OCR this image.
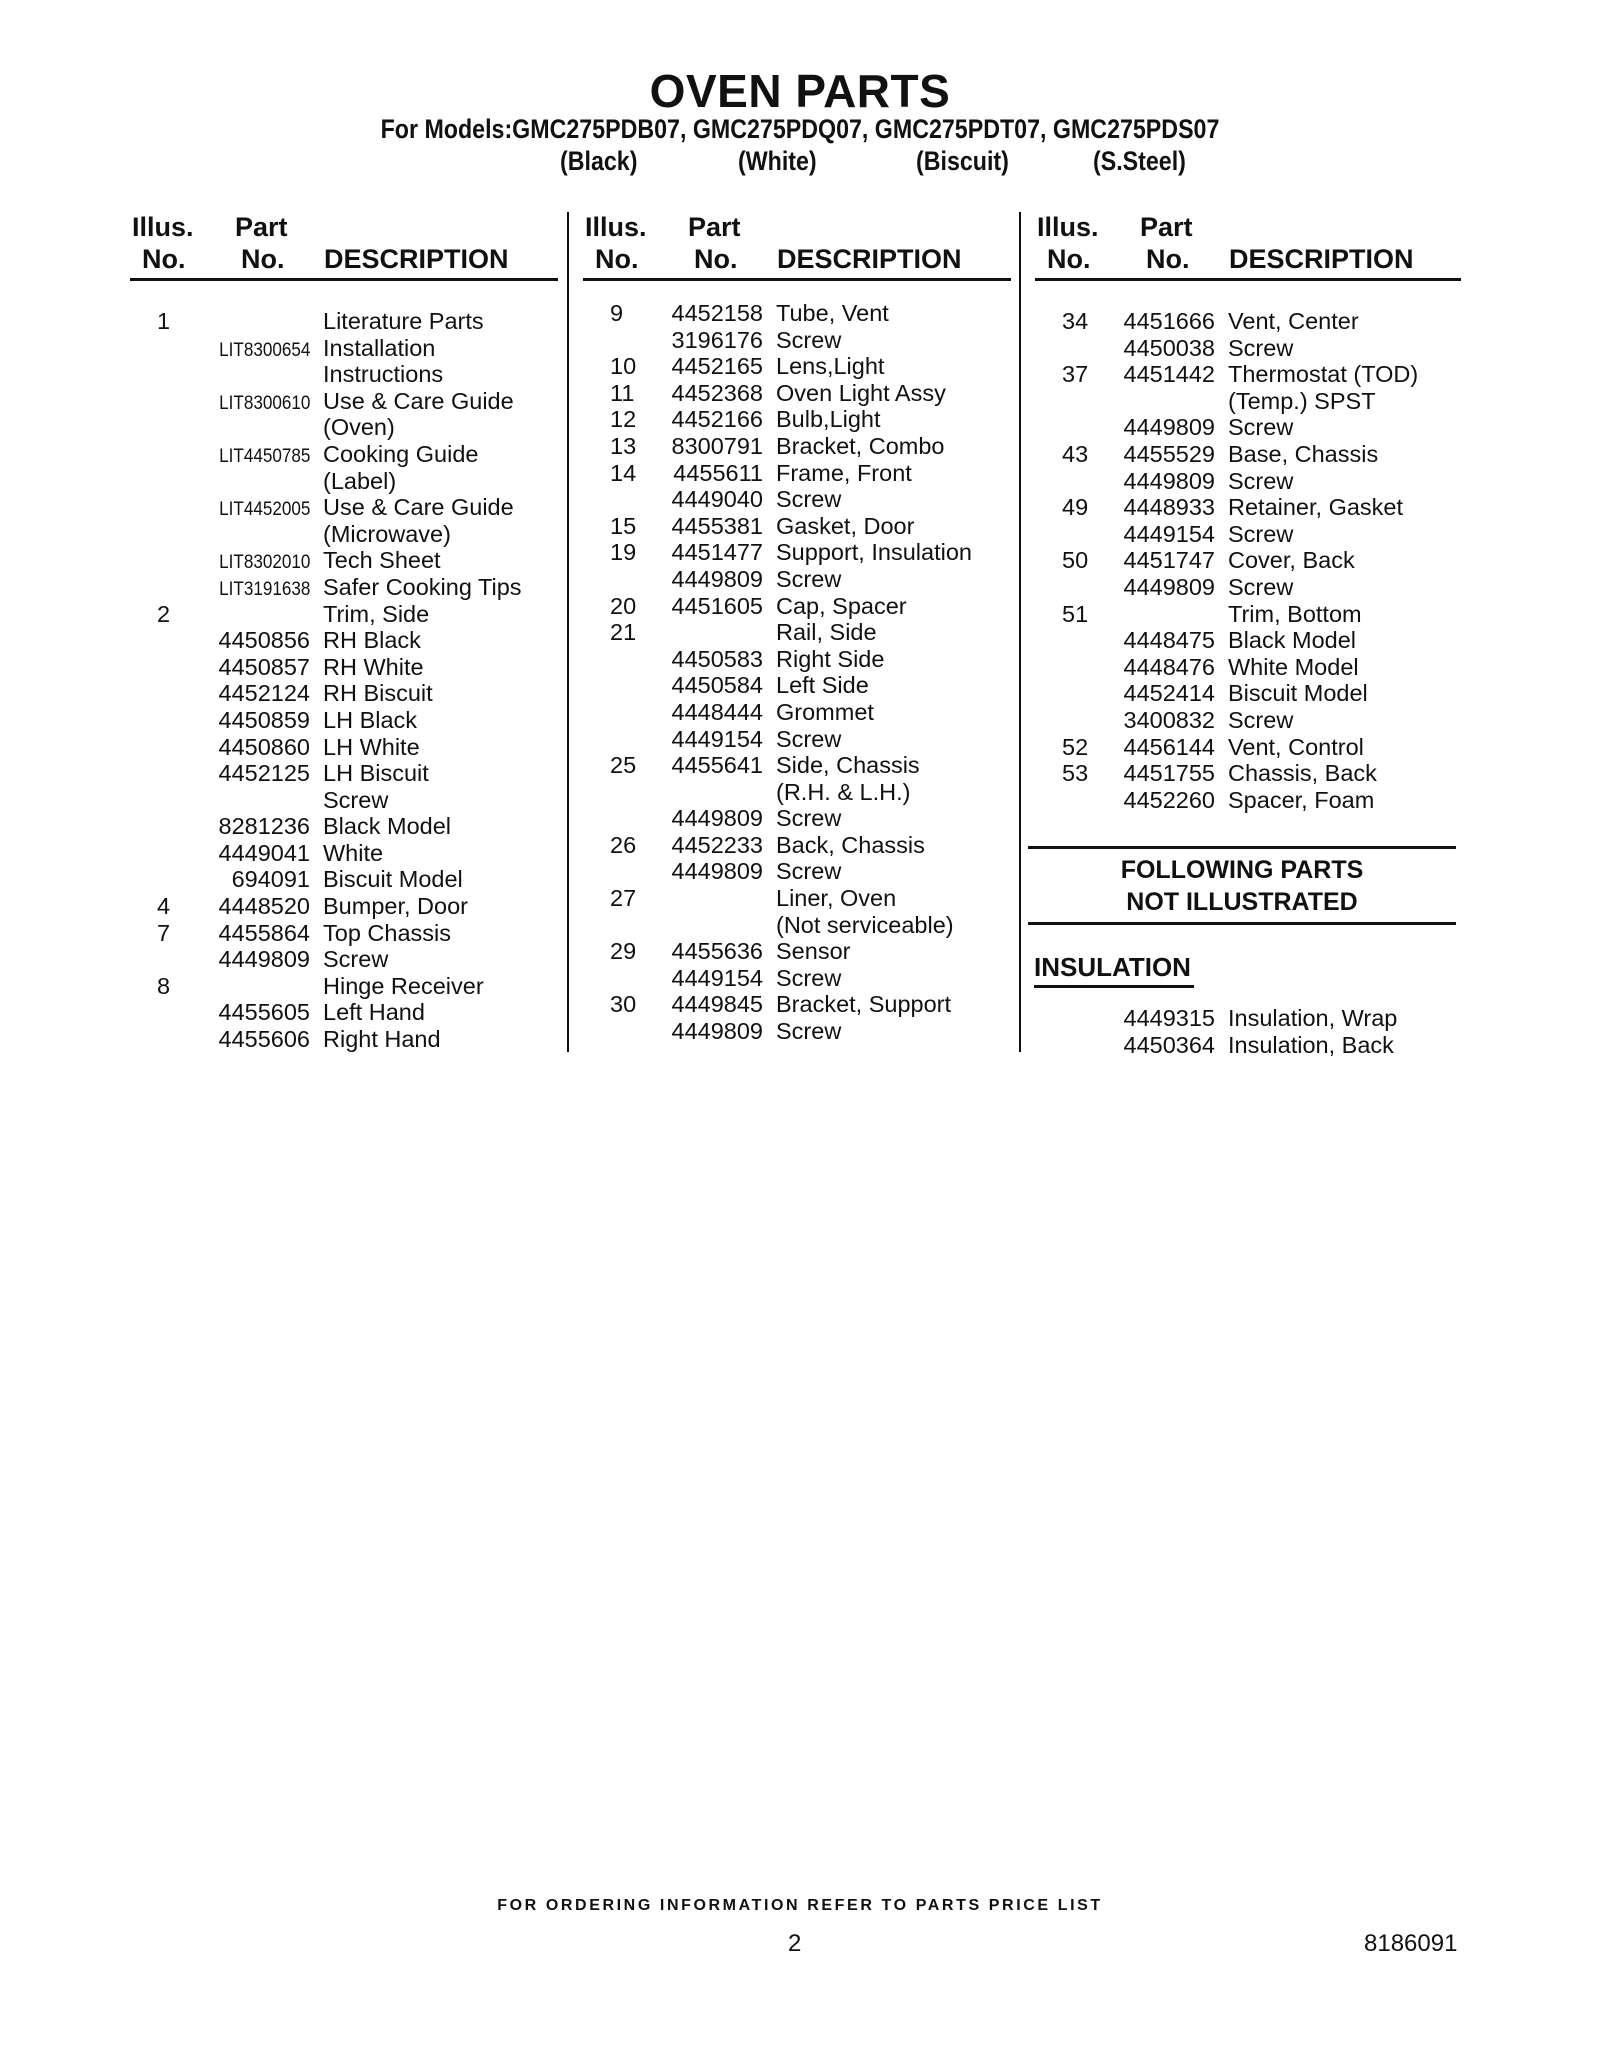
OVEN PARTS
For Models:GMC275PDB07, GMC275PDQ07, GMC275PDT07, GMC275PDS07
(Black)	(White)	(Biscuit)	(S.Steel)
Illus.
No.
Part
No. DESCRIPTION
1	Literature Parts
LIT8300654 Installation
Instructions
LIT8300610 Use & Care Guide
(Oven)
LIT4450785 Cooking Guide
(Label)
LIT4452005 Use & Care Guide
(Microwave)
LIT8302010 Tech Sheet
LIT3191638 Safer Cooking Tips
2	Trim, Side
4450856 RH Black
4450857 RH White
4452124 RH Biscuit
4450859 LH Black
4450860 LH White
4452125 LH Biscuit
Screw
8281236 Black Model
4449041 White
694091 Biscuit Model
4 4448520 Bumper, Door
7 4455864 Top Chassis
4449809 Screw
8	Hinge Receiver
4455605 Left Hand
4455606 Right Hand
Illus.
No.
Part
No. DESCRIPTION
9 4452158 Tube, Vent
3196176 Screw
10 4452165 Lens,Light
11 4452368 Oven Light Assy
12 4452166 Bulb,Light
13 8300791 Bracket, Combo
14 4455611 Frame, Front
4449040 Screw
15 4455381 Gasket, Door
19 4451477 Support, Insulation
4449809 Screw
20 4451605 Cap, Spacer
21	Rail, Side
4450583 Right Side
4450584 Left Side
4448444 Grommet
4449154 Screw
25 4455641 Side, Chassis
(R.H. & L.H.)
4449809 Screw
26 4452233 Back, Chassis
4449809 Screw
27	Liner, Oven
(Not serviceable)
29 4455636 Sensor
4449154 Screw
30 4449845 Bracket, Support
4449809 Screw
Illus.
No.
Part
No. DESCRIPTION
34 4451666 Vent, Center
4450038 Screw
37 4451442 Thermostat (TOD)
(Temp.) SPST
4449809 Screw
43 4455529 Base, Chassis
4449809 Screw
49 4448933 Retainer, Gasket
4449154 Screw
50 4451747 Cover, Back
4449809 Screw
51	Trim, Bottom
4448475 Black Model
4448476 White Model
4452414 Biscuit Model
3400832 Screw
52 4456144 Vent, Control
53 4451755 Chassis, Back
4452260 Spacer, Foam
FOLLOWING PARTS
NOT ILLUSTRATED
INSULATION
4449315 Insulation, Wrap
4450364 Insulation, Back
FOR ORDERING INFORMATION REFER TO PARTS PRICE LIST
2	8186091
